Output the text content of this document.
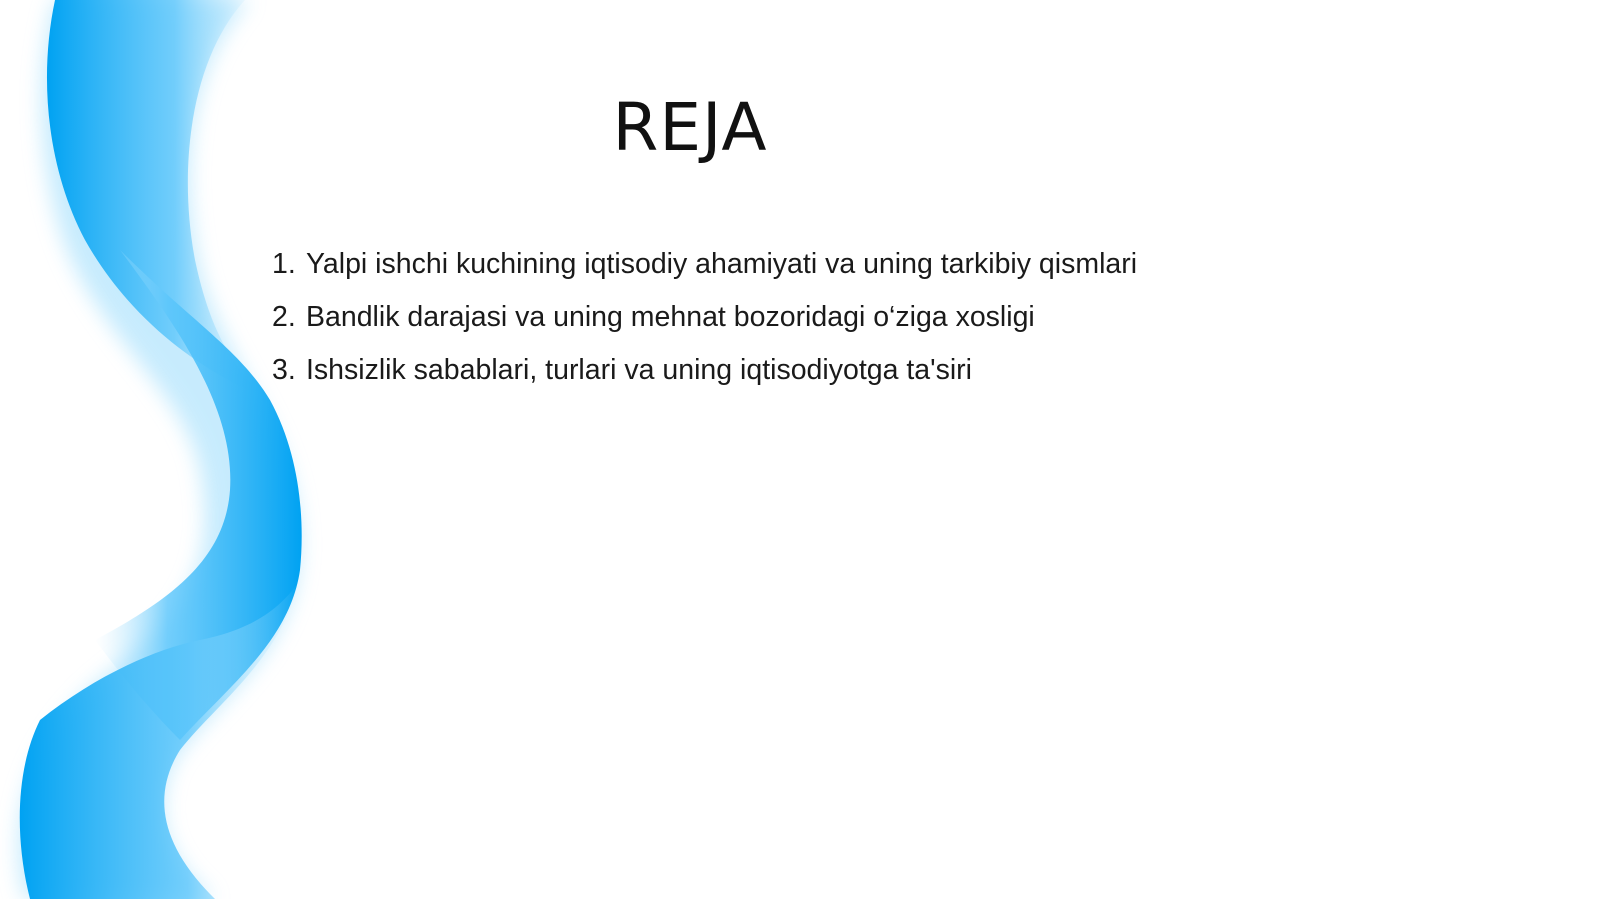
REJA
1. Yalpi ishchi kuchining iqtisodiy ahamiyati va uning tarkibiy qismlari
2. Bandlik darajasi va uning mehnat bozoridagi o‘ziga xosligi
3. Ishsizlik sabablari, turlari va uning iqtisodiyotga ta'siri
